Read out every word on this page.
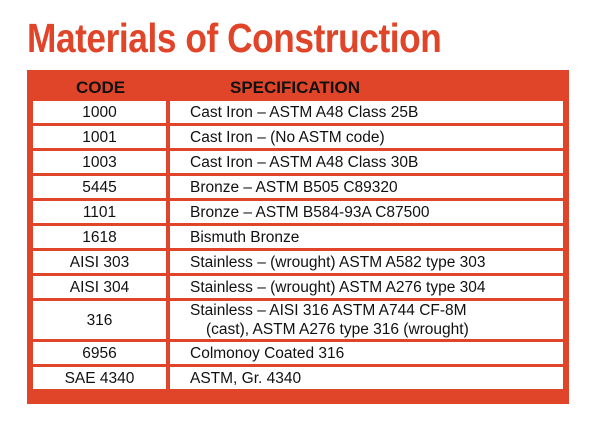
Materials of Construction
CODE	SPECIFICATION
1000	Cast Iron – ASTM A48 Class 25B
1001	Cast Iron – (No ASTM code)
1003	Cast Iron – ASTM A48 Class 30B
5445	Bronze – ASTM B505 C89320
1101	Bronze – ASTM B584-93A C87500
1618	Bismuth Bronze
AISI 303	Stainless – (wrought) ASTM A582 type 303
AISI 304	Stainless – (wrought) ASTM A276 type 304
316	Stainless – AISI 316 ASTM A744 CF-8M
(cast), ASTM A276 type 316 (wrought)

6956	Colmonoy Coated 316
SAE 4340	ASTM, Gr. 4340
